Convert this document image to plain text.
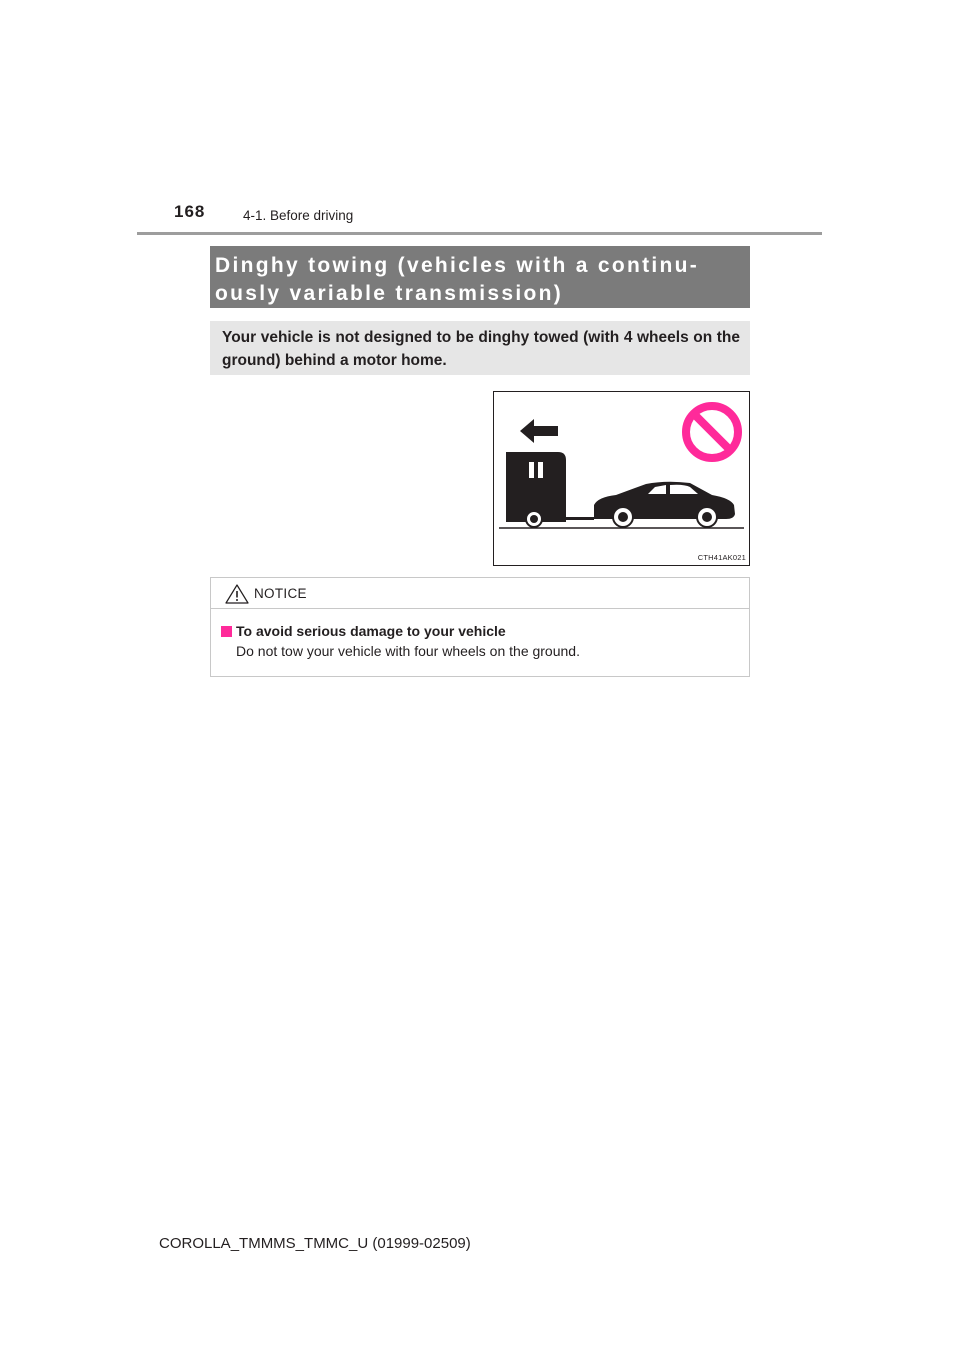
168	4-1. Before driving
Dinghy towing (vehicles with a continu-
ously variable transmission)
Your vehicle is not designed to be dinghy towed (with 4 wheels on the ground) behind a motor home.
CTH41AK021
NOTICE
To avoid serious damage to your vehicle
Do not tow your vehicle with four wheels on the ground.
COROLLA_TMMMS_TMMC_U (01999-02509)
